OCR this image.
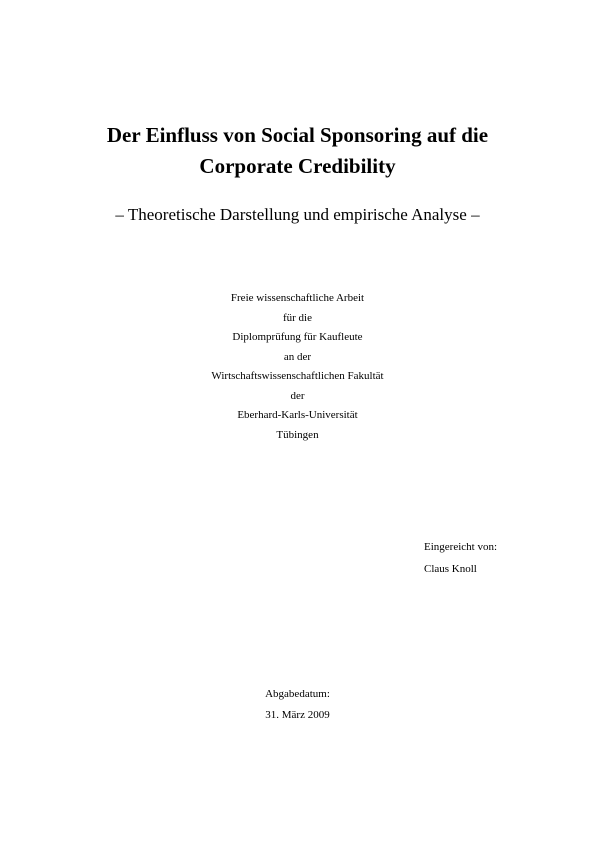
Der Einfluss von Social Sponsoring auf die
Corporate Credibility
– Theoretische Darstellung und empirische Analyse –
Freie wissenschaftliche Arbeit
für die
Diplomprüfung für Kaufleute
an der
Wirtschaftswissenschaftlichen Fakultät
der
Eberhard-Karls-Universität
Tübingen
Eingereicht von:
Claus Knoll
Abgabedatum:
31. März 2009
